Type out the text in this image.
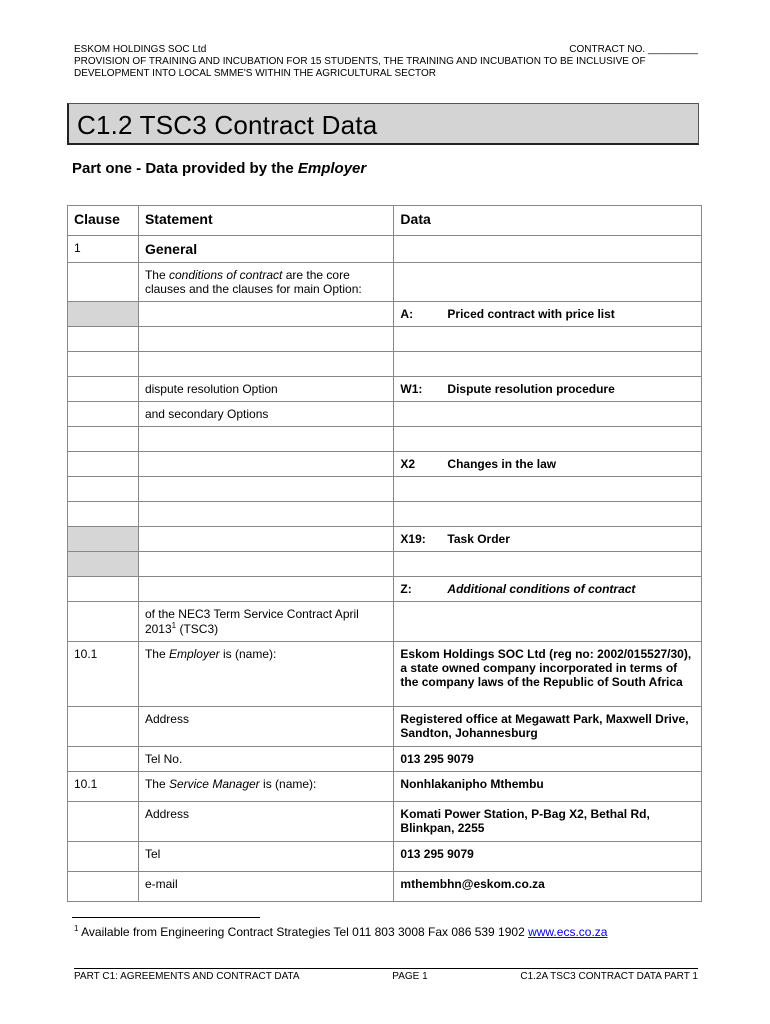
ESKOM HOLDINGS SOC Ltd	CONTRACT NO. _________
PROVISION OF TRAINING AND INCUBATION FOR 15 STUDENTS, THE TRAINING AND INCUBATION TO BE INCLUSIVE OF
DEVELOPMENT INTO LOCAL SMME'S WITHIN THE AGRICULTURAL SECTOR
C1.2 TSC3 Contract Data
Part one - Data provided by the Employer
Clause	Statement	Data
1	General	
	The conditions of contract are the core clauses and the clauses for main Option:	

		A: Priced contract with price list

	dispute resolution Option	W1: Dispute resolution procedure

	and secondary Options	

		X2 Changes in the law

		X19: Task Order

		Z: Additional conditions of contract

	of the NEC3 Term Service Contract April 2013$^1$ (TSC3)	
10.1	The Employer is (name):	Eskom Holdings SOC Ltd (reg no: 2002/015527/30), a state owned company incorporated in terms of the company laws of the Republic of South Africa
	Address	Registered office at Megawatt Park, Maxwell Drive, Sandton, Johannesburg
	Tel No.	013 295 9079
10.1	The Service Manager is (name):	Nonhlakanipho Mthembu
	Address	Komati Power Station, P-Bag X2, Bethal Rd, Blinkpan, 2255
	Tel	013 295 9079
	e-mail	mthembhn@eskom.co.za
$^1$ Available from Engineering Contract Strategies Tel 011 803 3008 Fax 086 539 1902 www.ecs.co.za
PART C1: AGREEMENTS AND CONTRACT DATA	PAGE 1	C1.2A TSC3 CONTRACT DATA PART 1
